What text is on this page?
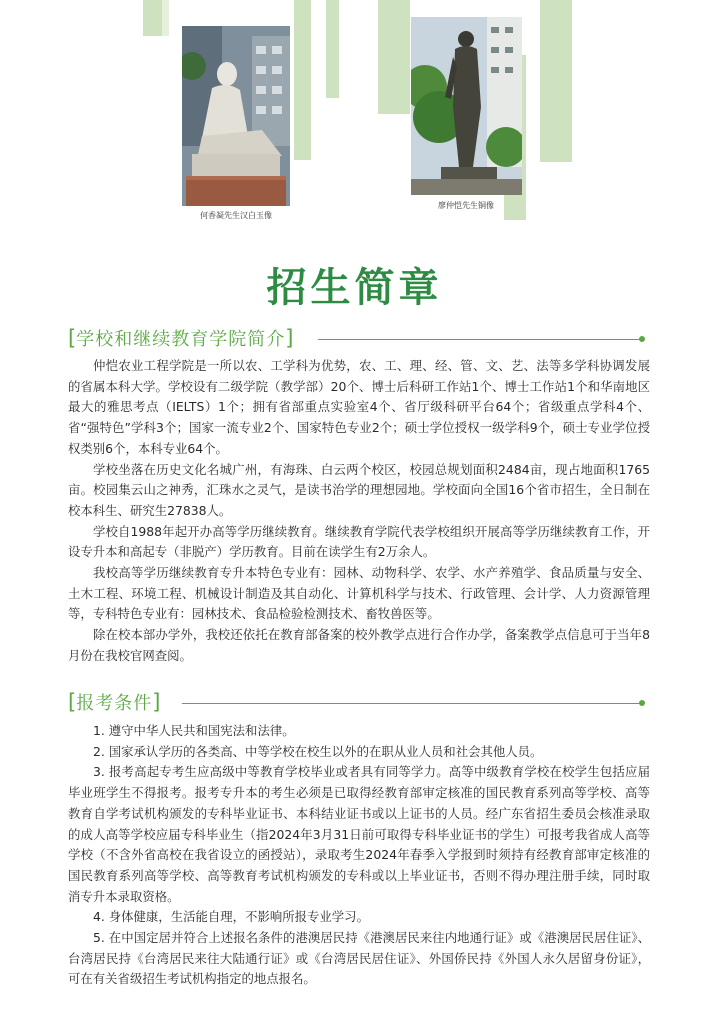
何香凝先生汉白玉像
廖仲恺先生铜像
招生简章
[ 学校和继续教育学院简介 ]

仲恺农业工程学院是一所以农、工学科为优势，农、工、理、经、管、文、艺、法等多学科协调发展的省属本科大学。学校设有二级学院（教学部）20个、博士后科研工作站1个、博士工作站1个和华南地区最大的雅思考点（IELTS）1个；拥有省部重点实验室4个、省厅级科研平台64个；省级重点学科4个、省“强特色”学科3个；国家一流专业2个、国家特色专业2个；硕士学位授权一级学科9个，硕士专业学位授权类别6个，本科专业64个。

学校坐落在历史文化名城广州，有海珠、白云两个校区，校园总规划面积2484亩，现占地面积1765亩。校园集云山之神秀，汇珠水之灵气，是读书治学的理想园地。学校面向全国16个省市招生，全日制在校本科生、研究生27838人。

学校自1988年起开办高等学历继续教育。继续教育学院代表学校组织开展高等学历继续教育工作，开设专升本和高起专（非脱产）学历教育。目前在读学生有2万余人。

我校高等学历继续教育专升本特色专业有：园林、动物科学、农学、水产养殖学、食品质量与安全、土木工程、环境工程、机械设计制造及其自动化、计算机科学与技术、行政管理、会计学、人力资源管理等，专科特色专业有：园林技术、食品检验检测技术、畜牧兽医等。

除在校本部办学外，我校还依托在教育部备案的校外教学点进行合作办学，备案教学点信息可于当年8月份在我校官网查阅。

[ 报考条件 ]

1. 遵守中华人民共和国宪法和法律。

2. 国家承认学历的各类高、中等学校在校生以外的在职从业人员和社会其他人员。

3. 报考高起专考生应高级中等教育学校毕业或者具有同等学力。高等中级教育学校在校学生包括应届毕业班学生不得报考。报考专升本的考生必须是已取得经教育部审定核准的国民教育系列高等学校、高等教育自学考试机构颁发的专科毕业证书、本科结业证书或以上证书的人员。经广东省招生委员会核准录取的成人高等学校应届专科毕业生（指2024年3月31日前可取得专科毕业证书的学生）可报考我省成人高等学校（不含外省高校在我省设立的函授站），录取考生2024年春季入学报到时须持有经教育部审定核准的国民教育系列高等学校、高等教育考试机构颁发的专科或以上毕业证书，否则不得办理注册手续，同时取消专升本录取资格。

4. 身体健康，生活能自理，不影响所报专业学习。

5. 在中国定居并符合上述报名条件的港澳居民持《港澳居民来往内地通行证》或《港澳居民居住证》、台湾居民持《台湾居民来往大陆通行证》或《台湾居民居住证》、外国侨民持《外国人永久居留身份证》，可在有关省级招生考试机构指定的地点报名。
